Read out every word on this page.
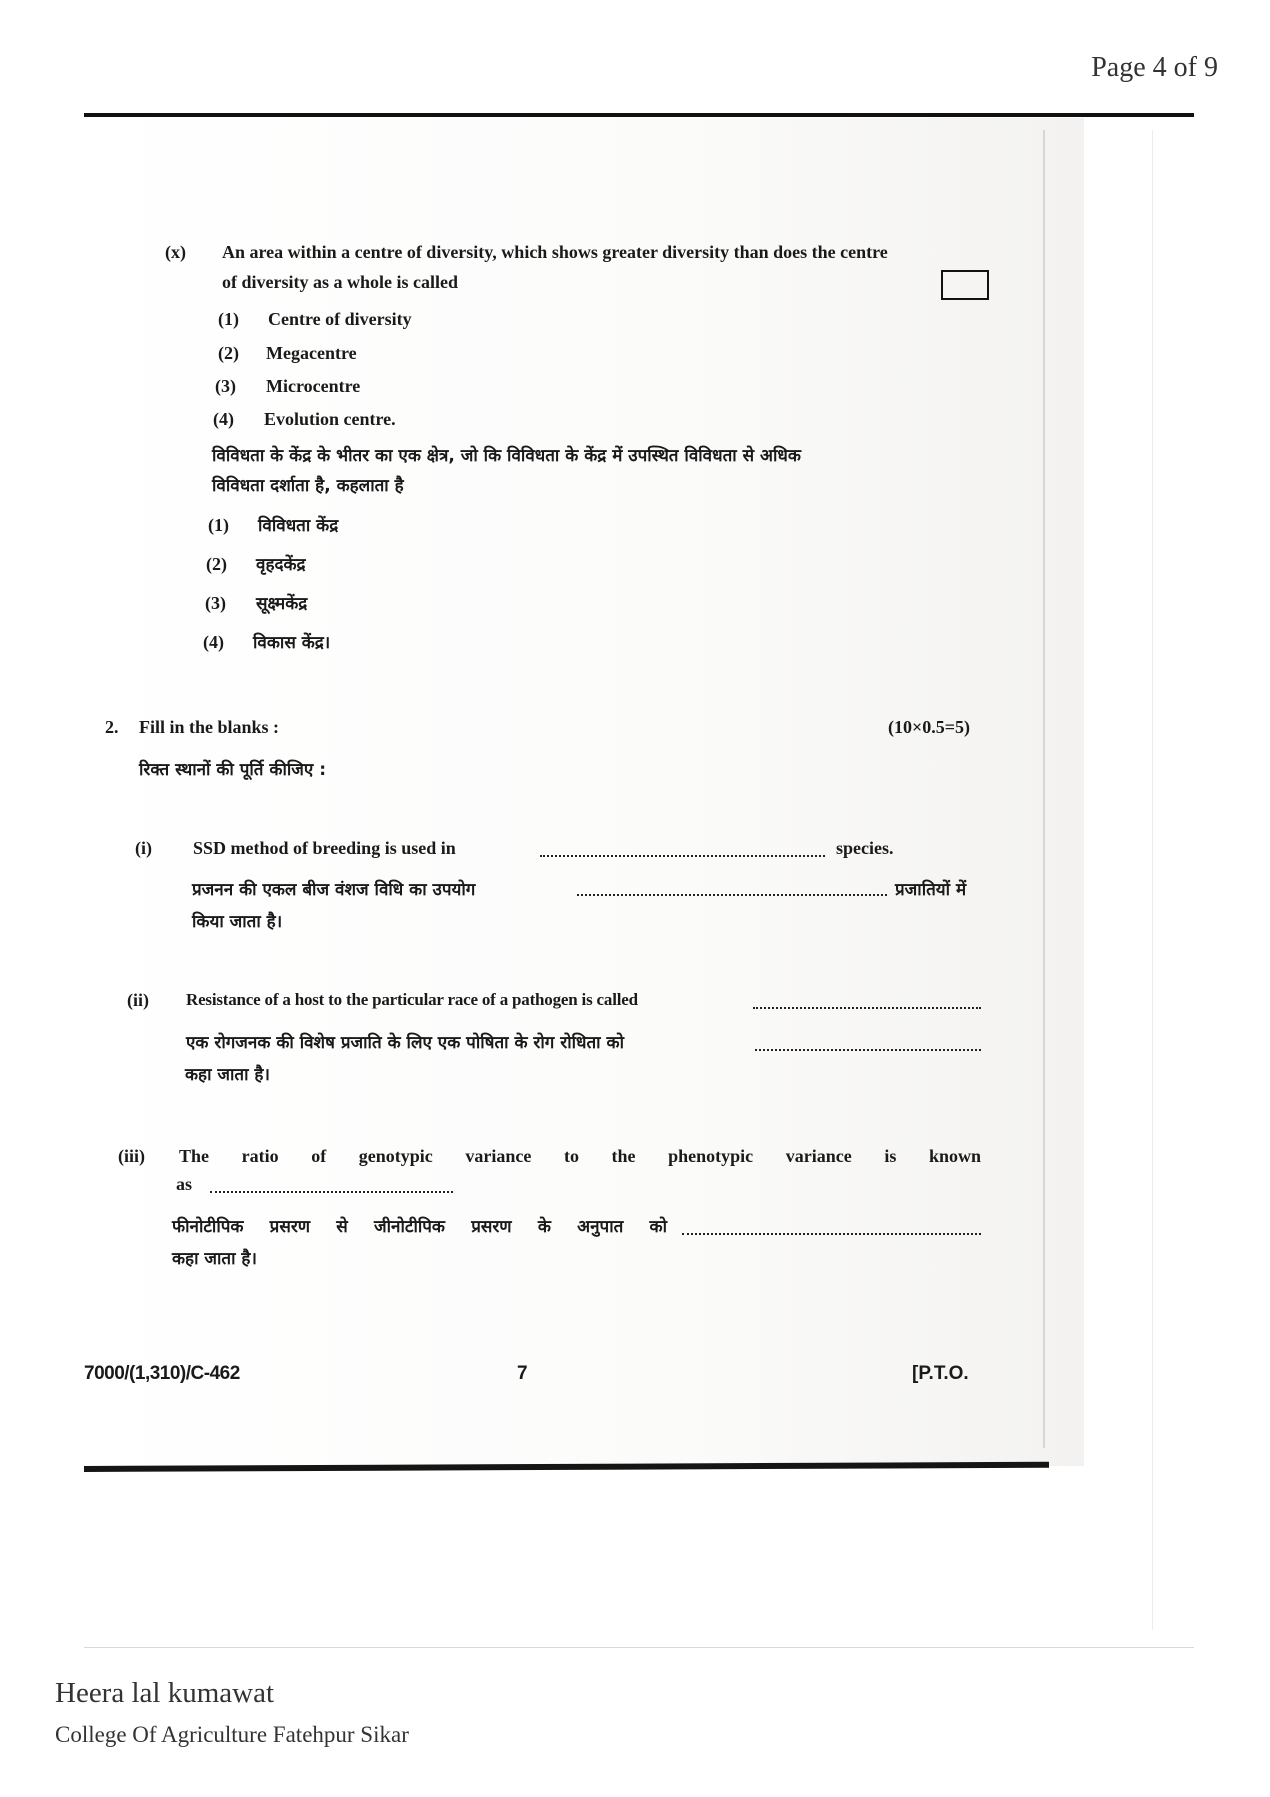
Page 4 of 9
(x) An area within a centre of diversity, which shows greater diversity than does the centre
of diversity as a whole is called
(1) Centre of diversity
(2) Megacentre
(3) Microcentre
(4) Evolution centre.
विविधता के केंद्र के भीतर का एक क्षेत्र, जो कि विविधता के केंद्र में उपस्थित विविधता से अधिक
विविधता दर्शाता है, कहलाता है
(1) विविधता केंद्र
(2) वृहदकेंद्र
(3) सूक्ष्मकेंद्र
(4) विकास केंद्र।
2. Fill in the blanks :	(10×0.5=5)
रिक्त स्थानों की पूर्ति कीजिए :
(i) SSD method of breeding is used in	species.
प्रजनन की एकल बीज वंशज विधि का उपयोग	प्रजातियों में
किया जाता है।
(ii) Resistance of a host to the particular race of a pathogen is called
एक रोगजनक की विशेष प्रजाति के लिए एक पोषिता के रोग रोधिता को
कहा जाता है।
(iii) The ratio of genotypic variance to the phenotypic variance is known
as
फीनोटीपिक प्रसरण से जीनोटीपिक प्रसरण के अनुपात को
कहा जाता है।
7000/(1,310)/C-462	7	[P.T.O.
Heera lal kumawat
College Of Agriculture Fatehpur Sikar
